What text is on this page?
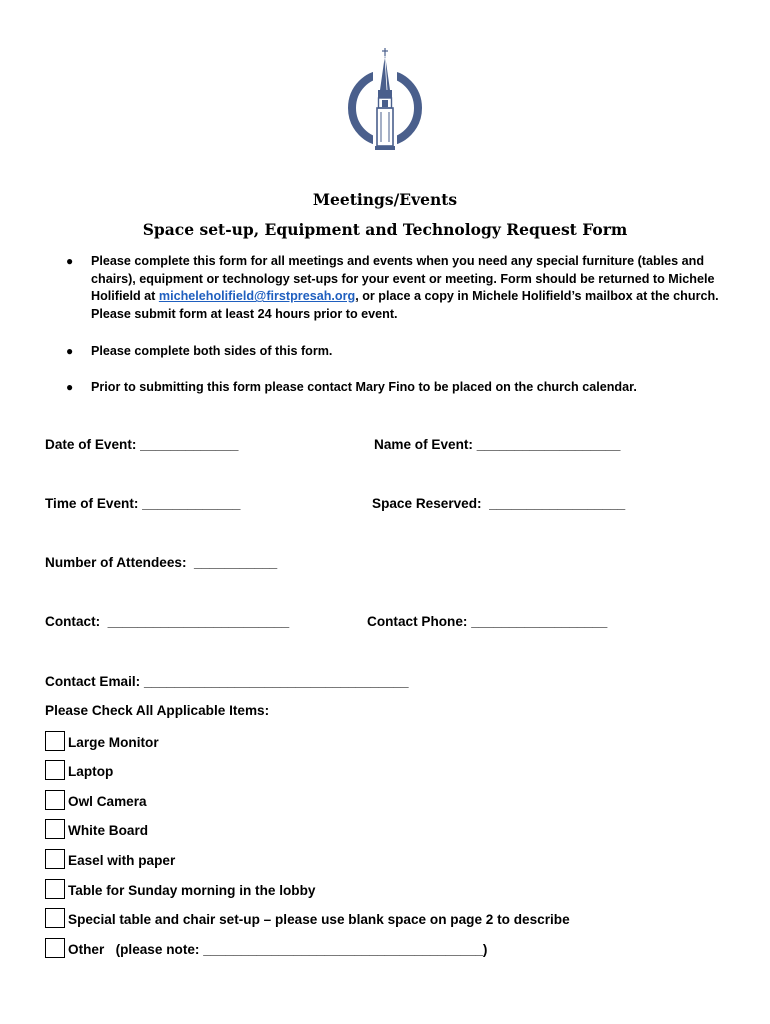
Meetings/Events
Space set-up, Equipment and Technology Request Form
● Please complete this form for all meetings and events when you need any special furniture (tables and chairs), equipment or technology set-ups for your event or meeting. Form should be returned to Michele Holifield at micheleholifield@firstpresah.org, or place a copy in Michele Holifield’s mailbox at the church. Please submit form at least 24 hours prior to event.
● Please complete both sides of this form.
● Prior to submitting this form please contact Mary Fino to be placed on the church calendar.
Date of Event: _____________	Name of Event: ___________________
Time of Event: _____________	Space Reserved:  __________________
Number of Attendees:  ___________
Contact:  ________________________	Contact Phone: __________________
Contact Email: ___________________________________
Please Check All Applicable Items:
Large Monitor
Laptop
Owl Camera
White Board
Easel with paper
Table for Sunday morning in the lobby
Special table and chair set-up – please use blank space on page 2 to describe
Other   (please note: _____________________________________)
